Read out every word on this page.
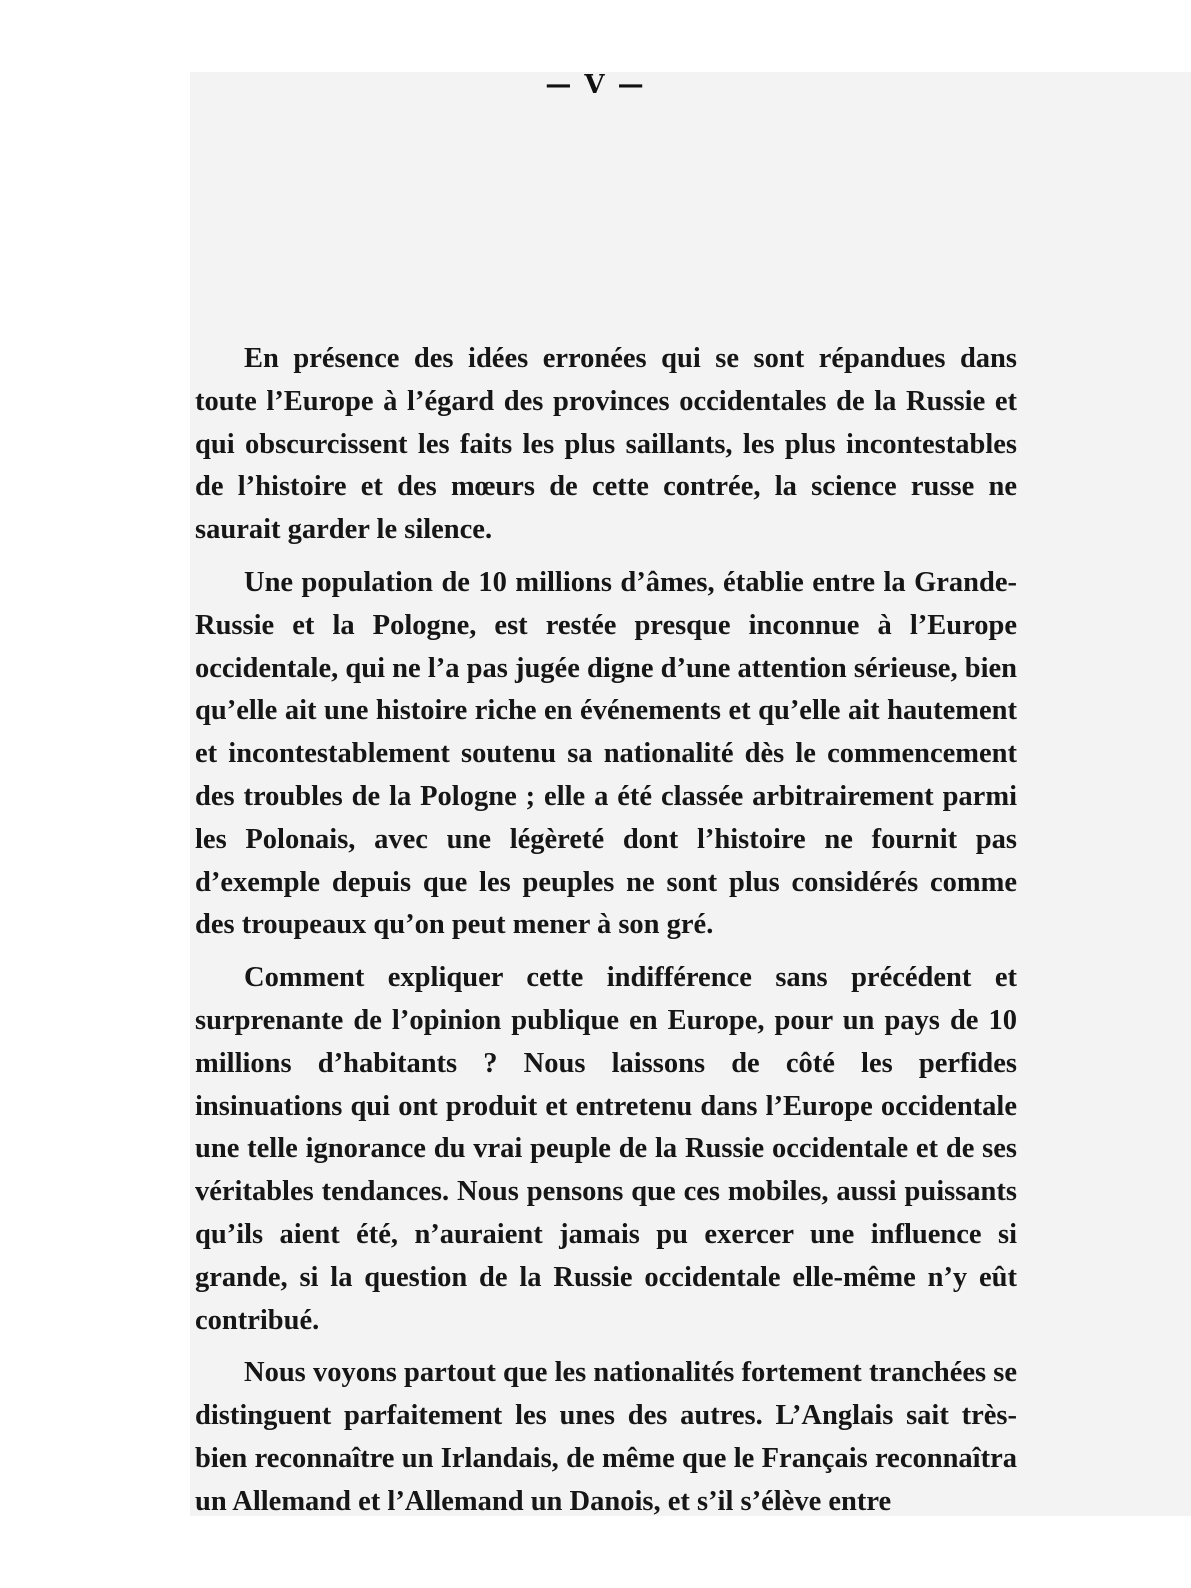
— V —

En présence des idées erronées qui se sont répandues dans toute l’Europe à l’égard des provinces occidentales de la Russie et qui obscurcissent les faits les plus saillants, les plus incontestables de l’histoire et des mœurs de cette contrée, la science russe ne saurait garder le silence.

Une population de 10 millions d’âmes, établie entre la Grande-Russie et la Pologne, est restée presque inconnue à l’Europe occidentale, qui ne l’a pas jugée digne d’une attention sérieuse, bien qu’elle ait une histoire riche en événements et qu’elle ait hautement et incontestablement soutenu sa nationalité dès le commencement des troubles de la Pologne ; elle a été classée arbitrairement parmi les Polonais, avec une légèreté dont l’histoire ne fournit pas d’exemple depuis que les peuples ne sont plus considérés comme des troupeaux qu’on peut mener à son gré.

Comment expliquer cette indifférence sans précédent et surprenante de l’opinion publique en Europe, pour un pays de 10 millions d’habitants ? Nous laissons de côté les perfides insinuations qui ont produit et entretenu dans l’Europe occidentale une telle ignorance du vrai peuple de la Russie occidentale et de ses véritables tendances. Nous pensons que ces mobiles, aussi puissants qu’ils aient été, n’auraient jamais pu exercer une influence si grande, si la question de la Russie occidentale elle-même n’y eût contribué.

Nous voyons partout que les nationalités fortement tranchées se distinguent parfaitement les unes des autres. L’Anglais sait très-bien reconnaître un Irlandais, de même que le Français reconnaîtra un Allemand et l’Allemand un Danois, et s’il s’élève entre
